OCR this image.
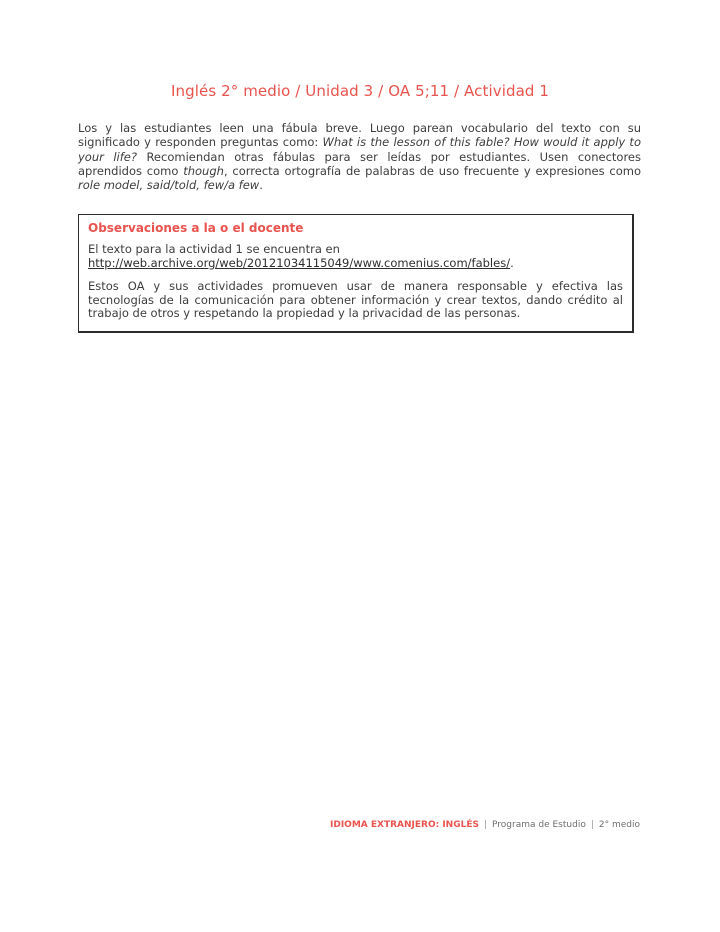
Inglés 2° medio / Unidad 3 / OA 5;11 / Actividad 1

Los y las estudiantes leen una fábula breve. Luego parean vocabulario del texto con su significado y responden preguntas como: What is the lesson of this fable? How would it apply to your life? Recomiendan otras fábulas para ser leídas por estudiantes. Usen conectores aprendidos como though, correcta ortografía de palabras de uso frecuente y expresiones como role model, said/told, few/a few.

Observaciones a la o el docente

El texto para la actividad 1 se encuentra en
http://web.archive.org/web/20121034115049/www.comenius.com/fables/.

Estos OA y sus actividades promueven usar de manera responsable y efectiva las tecnologías de la comunicación para obtener información y crear textos, dando crédito al trabajo de otros y respetando la propiedad y la privacidad de las personas.

IDIOMA EXTRANJERO: INGLÉS | Programa de Estudio | 2° medio
